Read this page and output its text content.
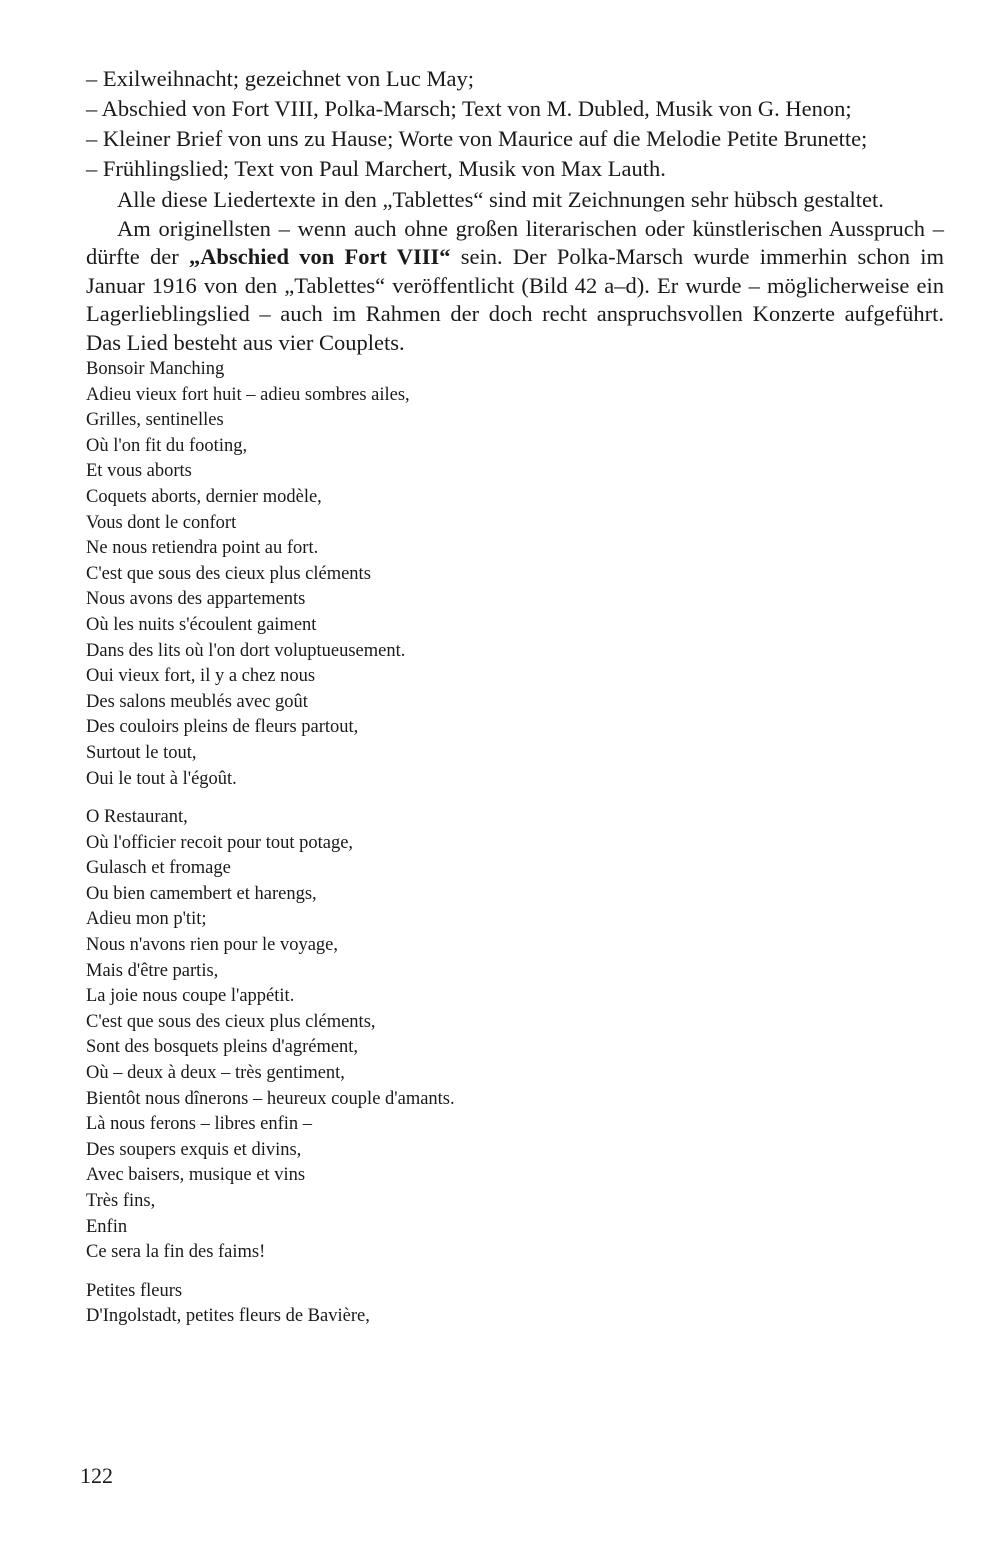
– Exilweihnacht; gezeichnet von Luc May;
– Abschied von Fort VIII, Polka-Marsch; Text von M. Dubled, Musik von G. Henon;
– Kleiner Brief von uns zu Hause; Worte von Maurice auf die Melodie Petite Brunette;
– Frühlingslied; Text von Paul Marchert, Musik von Max Lauth.

Alle diese Liedertexte in den „Tablettes“ sind mit Zeichnungen sehr hübsch gestaltet.

Am originellsten – wenn auch ohne großen literarischen oder künstlerischen Ausspruch – dürfte der „Abschied von Fort VIII“ sein. Der Polka-Marsch wurde immerhin schon im Januar 1916 von den „Tablettes“ veröffentlicht (Bild 42 a–d). Er wurde – möglicherweise ein Lagerlieblingslied – auch im Rahmen der doch recht anspruchsvollen Konzerte aufgeführt. Das Lied besteht aus vier Couplets.

Bonsoir Manching
Adieu vieux fort huit – adieu sombres ailes,
Grilles, sentinelles
Où l'on fit du footing,
Et vous aborts
Coquets aborts, dernier modèle,
Vous dont le confort
Ne nous retiendra point au fort.
C'est que sous des cieux plus cléments
Nous avons des appartements
Où les nuits s'écoulent gaiment
Dans des lits où l'on dort voluptueusement.
Oui vieux fort, il y a chez nous
Des salons meublés avec goût
Des couloirs pleins de fleurs partout,
Surtout le tout,
Oui le tout à l'égoût.
O Restaurant,
Où l'officier recoit pour tout potage,
Gulasch et fromage
Ou bien camembert et harengs,
Adieu mon p'tit;
Nous n'avons rien pour le voyage,
Mais d'être partis,
La joie nous coupe l'appétit.
C'est que sous des cieux plus cléments,
Sont des bosquets pleins d'agrément,
Où – deux à deux – très gentiment,
Bientôt nous dînerons – heureux couple d'amants.
Là nous ferons – libres enfin –
Des soupers exquis et divins,
Avec baisers, musique et vins
Très fins,
Enfin
Ce sera la fin des faims!
Petites fleurs
D'Ingolstadt, petites fleurs de Bavière,
122
